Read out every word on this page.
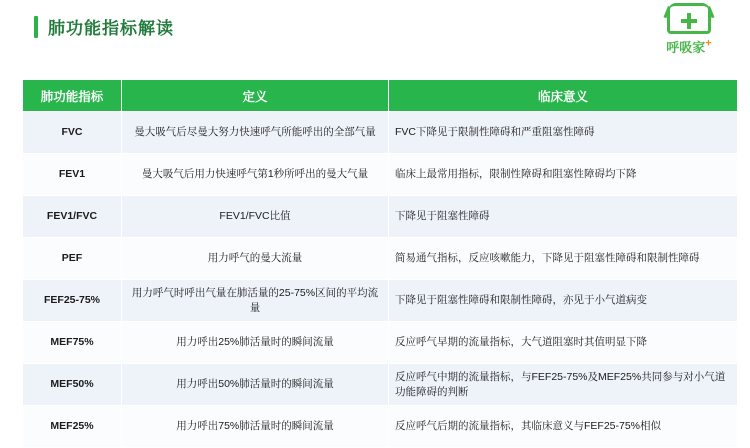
肺功能指标解读
呼吸家+
肺功能指标	定义	临床意义
FVC	曼大吸气后尽曼大努力快速呼气所能呼出的全部气量	FVC下降见于限制性障碍和严重阻塞性障碍
FEV1	曼大吸气后用力快速呼气第1秒所呼出的曼大气量	临床上最常用指标，限制性障碍和阻塞性障碍均下降
FEV1/FVC	FEV1/FVC比值	下降见于阻塞性障碍
PEF	用力呼气的曼大流量	简易通气指标，反应咳嗽能力，下降见于阻塞性障碍和限制性障碍
FEF25-75%	用力呼气时呼出气量在肺活量的25-75%区间的平均流量	下降见于阻塞性障碍和限制性障碍，亦见于小气道病变
MEF75%	用力呼出25%肺活量时的瞬间流量	反应呼气早期的流量指标，大气道阻塞时其值明显下降
MEF50%	用力呼出50%肺活量时的瞬间流量	反应呼气中期的流量指标，与FEF25-75%及MEF25%共同参与对小气道功能障碍的判断
MEF25%	用力呼出75%肺活量时的瞬间流量	反应呼气后期的流量指标，其临床意义与FEF25-75%相似
